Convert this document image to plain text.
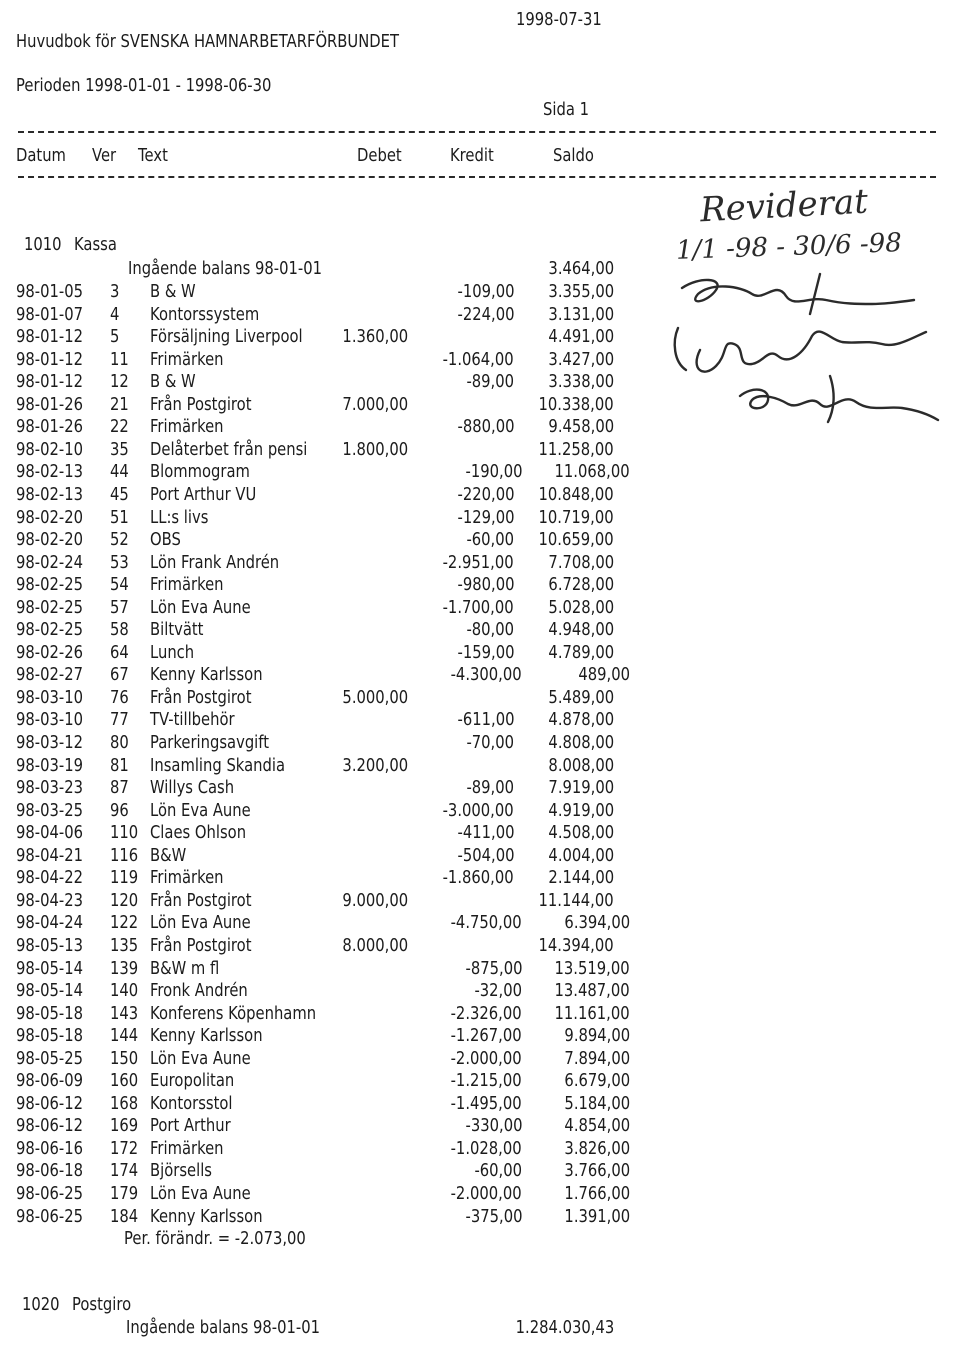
Huvudbok för SVENSKA HAMNARBETARFÖRBUNDET
1998-07-31
Perioden 1998-01-01 - 1998-06-30
Sida 1
Datum Ver Text	Debet	Kredit	Saldo
1010 Kassa
Ingående balans 98-01-01	3.464,00
98-01-05 3 B & W	-109,00 3.355,00
98-01-07 4 Kontorssystem	-224,00 3.131,00
98-01-12 5 Försäljning Liverpool 1.360,00	4.491,00
98-01-12 11 Frimärken	-1.064,00 3.427,00
98-01-12 12 B & W	-89,00 3.338,00
98-01-26 21 Från Postgirot	7.000,00	10.338,00
98-01-26 22 Frimärken	-880,00 9.458,00
98-02-10 35 Delåterbet från pensi 1.800,00	11.258,00
98-02-13 44 Blommogram	-190,00 11.068,00
98-02-13 45 Port Arthur VU	-220,00 10.848,00
98-02-20 51 LL:s livs	-129,00 10.719,00
98-02-20 52 OBS	-60,00 10.659,00
98-02-24 53 Lön Frank Andrén	-2.951,00 7.708,00
98-02-25 54 Frimärken	-980,00 6.728,00
98-02-25 57 Lön Eva Aune	-1.700,00 5.028,00
98-02-25 58 Biltvätt	-80,00 4.948,00
98-02-26 64 Lunch	-159,00 4.789,00
98-02-27 67 Kenny Karlsson	-4.300,00	489,00
98-03-10 76 Från Postgirot	5.000,00	5.489,00
98-03-10 77 TV-tillbehör	-611,00 4.878,00
98-03-12 80 Parkeringsavgift	-70,00 4.808,00
98-03-19 81 Insamling Skandia	3.200,00	8.008,00
98-03-23 87 Willys Cash	-89,00 7.919,00
98-03-25 96 Lön Eva Aune	-3.000,00 4.919,00
98-04-06 110 Claes Ohlson	-411,00 4.508,00
98-04-21 116 B&W	-504,00 4.004,00
98-04-22 119 Frimärken	-1.860,00 2.144,00
98-04-23 120 Från Postgirot	9.000,00	11.144,00
98-04-24 122 Lön Eva Aune	-4.750,00 6.394,00
98-05-13 135 Från Postgirot	8.000,00	14.394,00
98-05-14 139 B&W m fl	-875,00 13.519,00
98-05-14 140 Fronk Andrén	-32,00 13.487,00
98-05-18 143 Konferens Köpenhamn	-2.326,00 11.161,00
98-05-18 144 Kenny Karlsson	-1.267,00 9.894,00
98-05-25 150 Lön Eva Aune	-2.000,00 7.894,00
98-06-09 160 Europolitan	-1.215,00 6.679,00
98-06-12 168 Kontorsstol	-1.495,00 5.184,00
98-06-12 169 Port Arthur	-330,00 4.854,00
98-06-16 172 Frimärken	-1.028,00 3.826,00
98-06-18 174 Björsells	-60,00 3.766,00
98-06-25 179 Lön Eva Aune	-2.000,00 1.766,00
98-06-25 184 Kenny Karlsson	-375,00 1.391,00
Per. förändr. = -2.073,00
1020 Postgiro
Ingående balans 98-01-01	1.284.030,43
Reviderat
1/1 -98 - 30/6 -98
